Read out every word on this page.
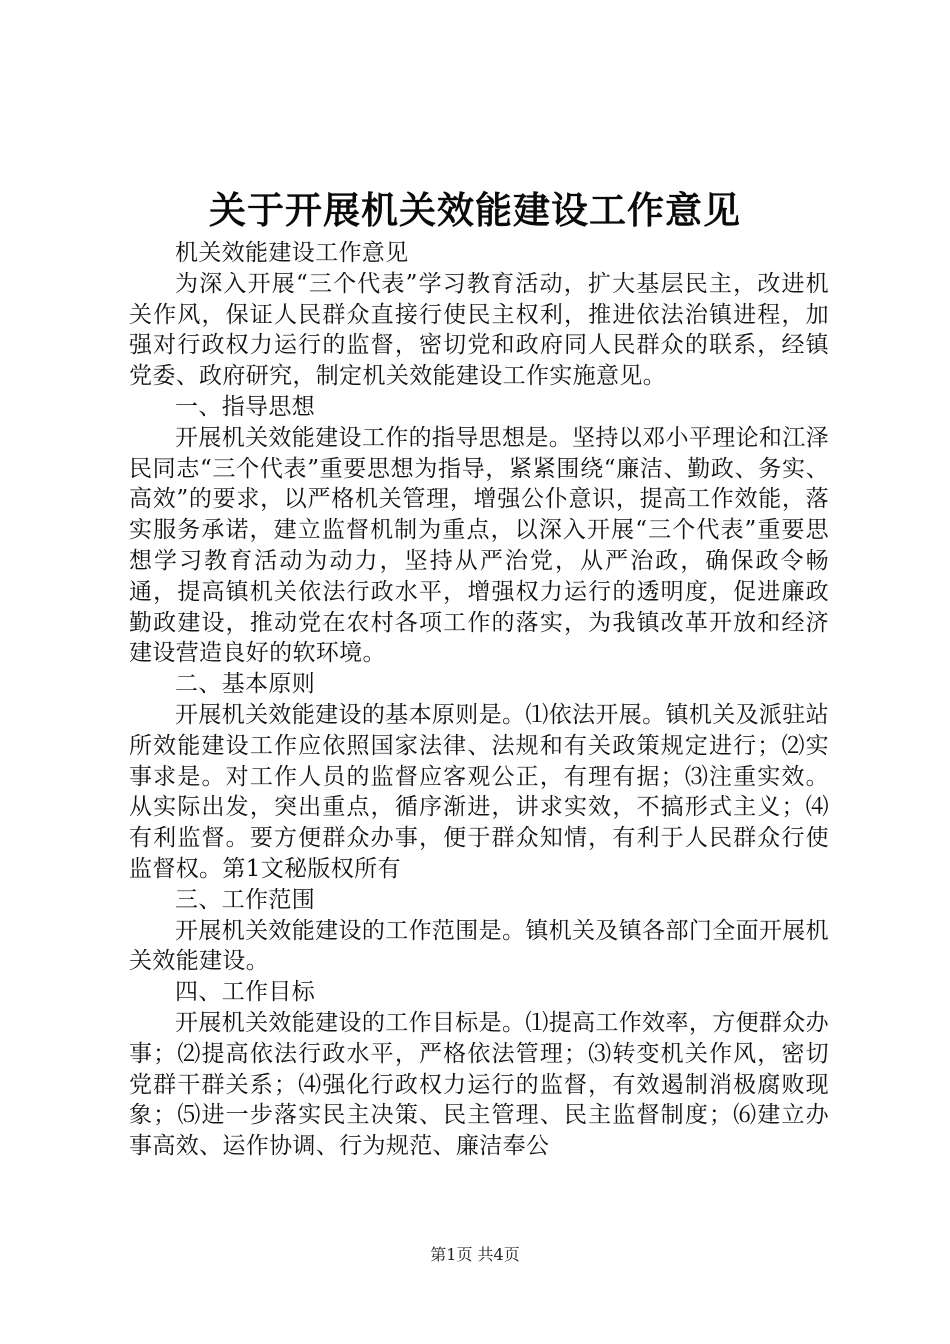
关于开展机关效能建设工作意见

机关效能建设工作意见

为深入开展“三个代表”学习教育活动，扩大基层民主，改进机关作风，保证人民群众直接行使民主权利，推进依法治镇进程，加强对行政权力运行的监督，密切党和政府同人民群众的联系，经镇党委、政府研究，制定机关效能建设工作实施意见。

一、指导思想

开展机关效能建设工作的指导思想是。坚持以邓小平理论和江泽民同志“三个代表”重要思想为指导，紧紧围绕“廉洁、勤政、务实、高效”的要求，以严格机关管理，增强公仆意识，提高工作效能，落实服务承诺，建立监督机制为重点，以深入开展“三个代表”重要思想学习教育活动为动力，坚持从严治党，从严治政，确保政令畅通，提高镇机关依法行政水平，增强权力运行的透明度，促进廉政勤政建设，推动党在农村各项工作的落实，为我镇改革开放和经济建设营造良好的软环境。

二、基本原则

开展机关效能建设的基本原则是。⑴依法开展。镇机关及派驻站所效能建设工作应依照国家法律、法规和有关政策规定进行；⑵实事求是。对工作人员的监督应客观公正，有理有据；⑶注重实效。从实际出发，突出重点，循序渐进，讲求实效，不搞形式主义；⑷有利监督。要方便群众办事，便于群众知情，有利于人民群众行使监督权。第1文秘版权所有

三、工作范围

开展机关效能建设的工作范围是。镇机关及镇各部门全面开展机关效能建设。

四、工作目标

开展机关效能建设的工作目标是。⑴提高工作效率，方便群众办事；⑵提高依法行政水平，严格依法管理；⑶转变机关作风，密切党群干群关系；⑷强化行政权力运行的监督，有效遏制消极腐败现象；⑸进一步落实民主决策、民主管理、民主监督制度；⑹建立办事高效、运作协调、行为规范、廉洁奉公

第1页 共4页
